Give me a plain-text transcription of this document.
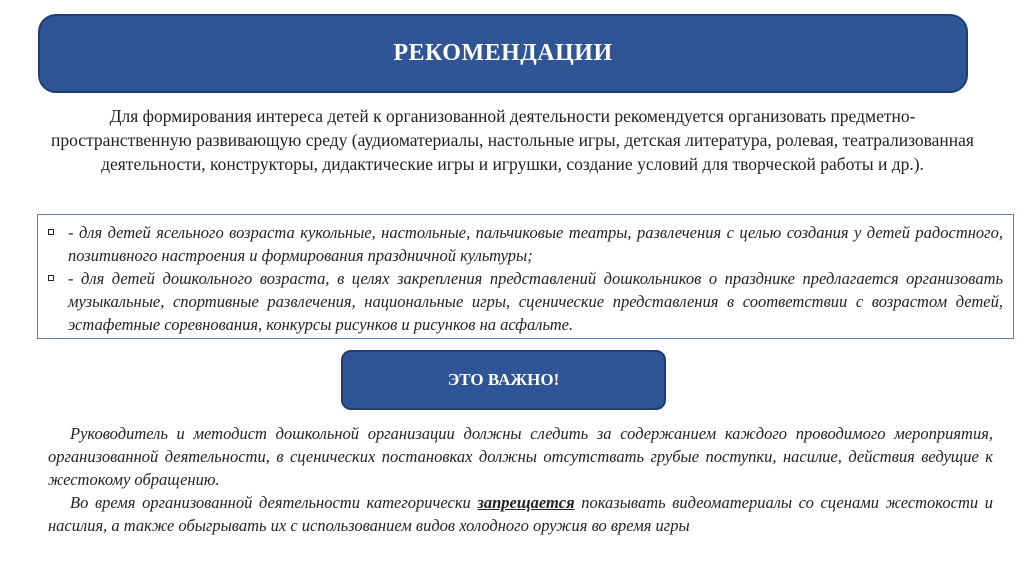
РЕКОМЕНДАЦИИ
Для формирования интереса детей к организованной деятельности рекомендуется организовать предметно-пространственную развивающую среду (аудиоматериалы, настольные игры, детская литература, ролевая, театрализованная деятельности, конструкторы, дидактические игры и игрушки, создание условий для творческой работы и др.).
- для детей ясельного возраста кукольные, настольные, пальчиковые театры, развлечения с целью создания у детей радостного, позитивного настроения и формирования праздничной культуры;
- для детей дошкольного возраста, в целях закрепления представлений дошкольников о празднике предлагается организовать музыкальные, спортивные развлечения, национальные игры, сценические представления в соответствии с возрастом детей, эстафетные соревнования, конкурсы рисунков и рисунков на асфальте.
ЭТО ВАЖНО!

Руководитель и методист дошкольной организации должны следить за содержанием каждого проводимого мероприятия, организованной деятельности, в сценических постановках должны отсутствать грубые поступки, насилие, действия ведущие к жестокому обращению.

Во время организованной деятельности категорически запрещается показывать видеоматериалы со сценами жестокости и насилия, а также обыгрывать их с использованием видов холодного оружия во время игры
